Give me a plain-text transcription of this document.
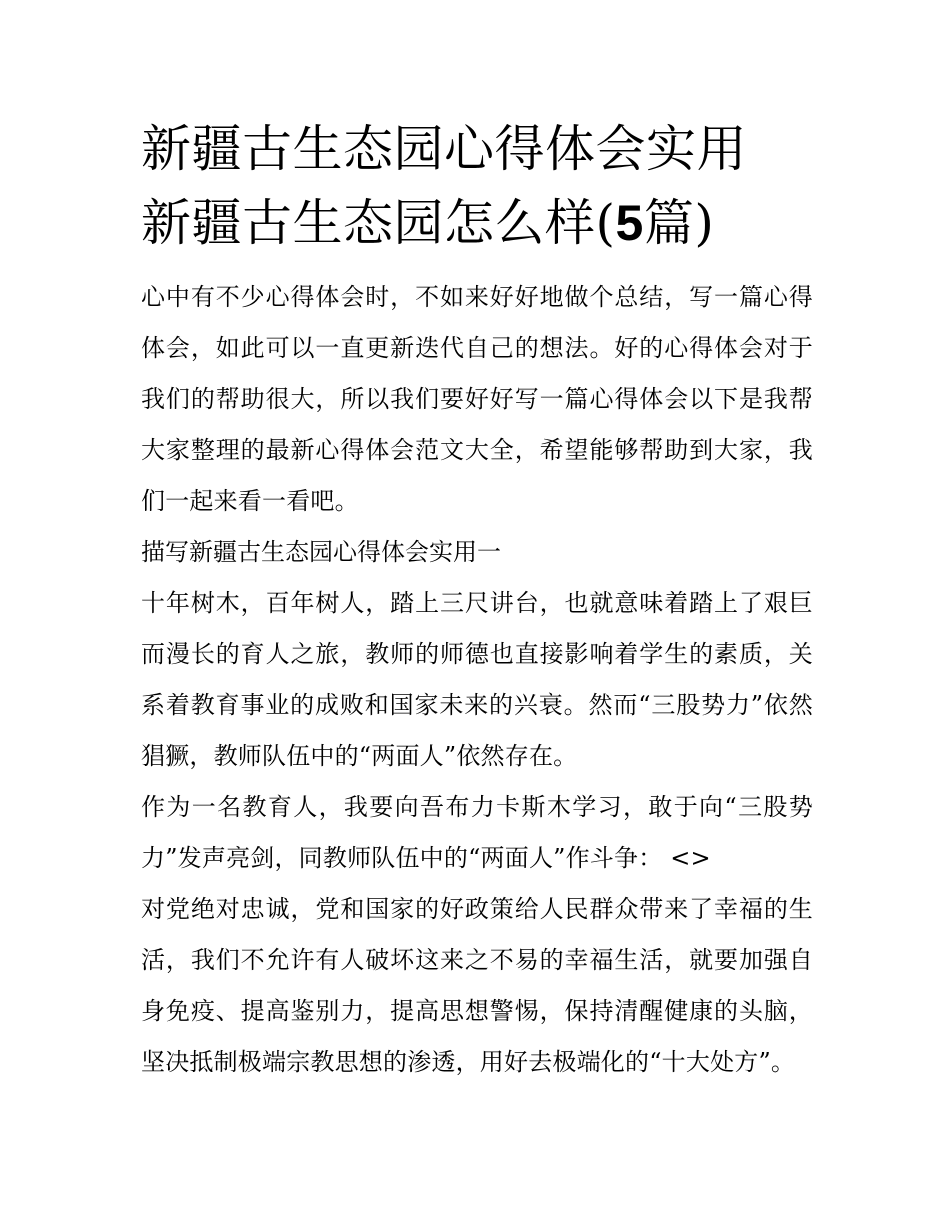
新疆古生态园心得体会实用 新疆古生态园怎么样(5篇)

心中有不少心得体会时，不如来好好地做个总结，写一篇心得体会，如此可以一直更新迭代自己的想法。好的心得体会对于我们的帮助很大，所以我们要好好写一篇心得体会以下是我帮大家整理的最新心得体会范文大全，希望能够帮助到大家，我们一起来看一看吧。

描写新疆古生态园心得体会实用一

十年树木，百年树人，踏上三尺讲台，也就意味着踏上了艰巨而漫长的育人之旅，教师的师德也直接影响着学生的素质，关系着教育事业的成败和国家未来的兴衰。然而“三股势力”依然猖獗，教师队伍中的“两面人”依然存在。

作为一名教育人，我要向吾布力卡斯木学习，敢于向“三股势力”发声亮剑，同教师队伍中的“两面人”作斗争： <>

对党绝对忠诚，党和国家的好政策给人民群众带来了幸福的生活，我们不允许有人破坏这来之不易的幸福生活，就要加强自身免疫、提高鉴别力，提高思想警惕，保持清醒健康的头脑，坚决抵制极端宗教思想的渗透，用好去极端化的“十大处方”。
